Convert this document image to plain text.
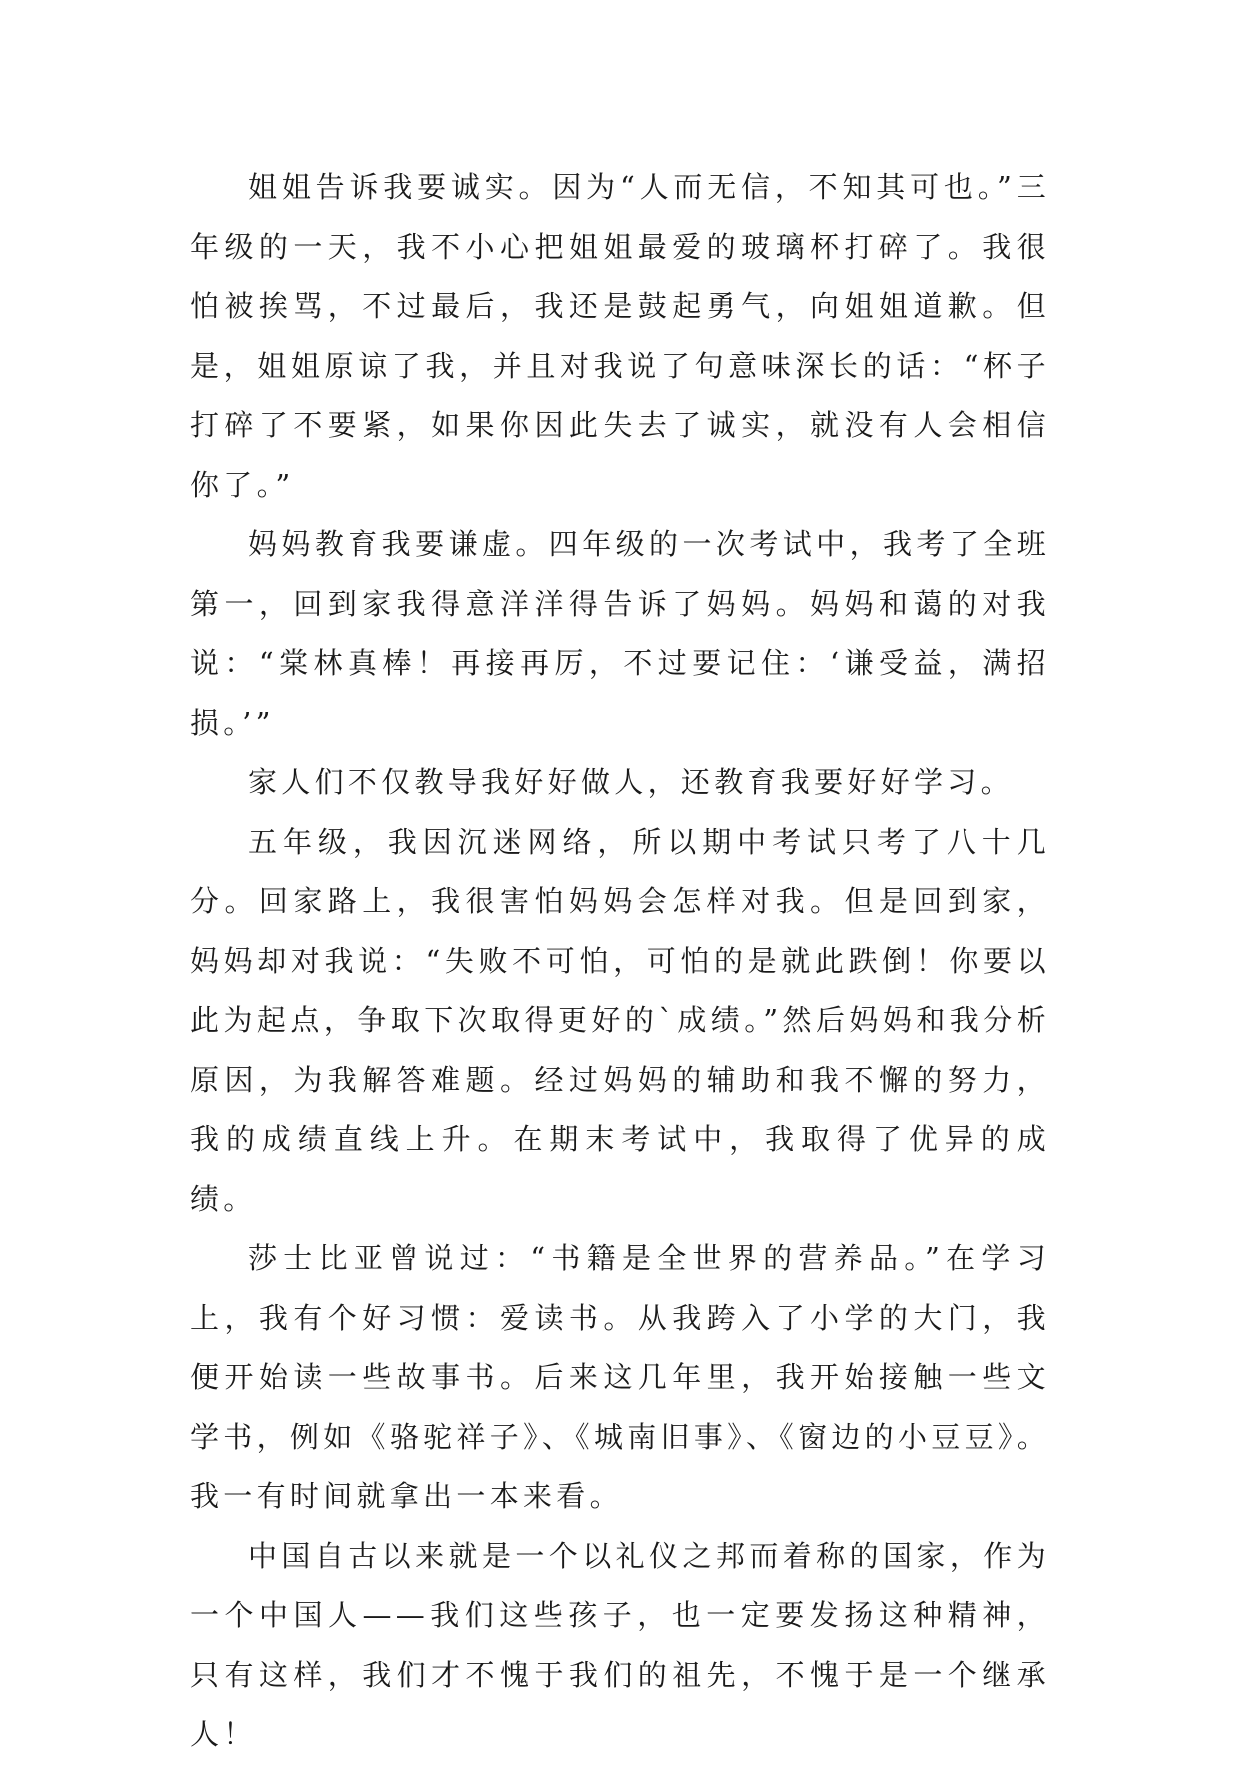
姐姐告诉我要诚实。因为“人而无信，不知其可也。”三年级的一天，我不小心把姐姐最爱的玻璃杯打碎了。我很怕被挨骂，不过最后，我还是鼓起勇气，向姐姐道歉。但是，姐姐原谅了我，并且对我说了句意味深长的话：“杯子打碎了不要紧，如果你因此失去了诚实，就没有人会相信你了。”

妈妈教育我要谦虚。四年级的一次考试中，我考了全班第一，回到家我得意洋洋得告诉了妈妈。妈妈和蔼的对我说：“棠林真棒！再接再厉，不过要记住：‘谦受益，满招损。’”

家人们不仅教导我好好做人，还教育我要好好学习。

五年级，我因沉迷网络，所以期中考试只考了八十几分。回家路上，我很害怕妈妈会怎样对我。但是回到家，妈妈却对我说：“失败不可怕，可怕的是就此跌倒！你要以此为起点，争取下次取得更好的`成绩。”然后妈妈和我分析原因，为我解答难题。经过妈妈的辅助和我不懈的努力，我的成绩直线上升。在期末考试中，我取得了优异的成绩。

莎士比亚曾说过：“书籍是全世界的营养品。”在学习上，我有个好习惯：爱读书。从我跨入了小学的大门，我便开始读一些故事书。后来这几年里，我开始接触一些文学书，例如《骆驼祥子》、《城南旧事》、《窗边的小豆豆》。我一有时间就拿出一本来看。

中国自古以来就是一个以礼仪之邦而着称的国家，作为一个中国人——我们这些孩子，也一定要发扬这种精神，只有这样，我们才不愧于我们的祖先，不愧于是一个继承人！
